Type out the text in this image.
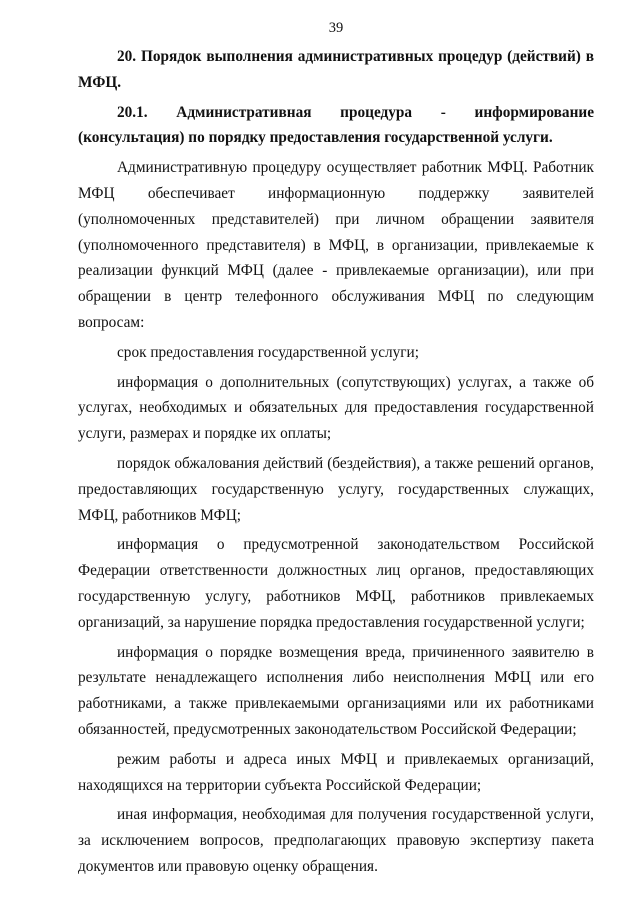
39

20. Порядок выполнения административных процедур (действий) в МФЦ.

20.1. Административная процедура - информирование (консультация) по порядку предоставления государственной услуги.

Административную процедуру осуществляет работник МФЦ. Работник МФЦ обеспечивает информационную поддержку заявителей (уполномоченных представителей) при личном обращении заявителя (уполномоченного представителя) в МФЦ, в организации, привлекаемые к реализации функций МФЦ (далее - привлекаемые организации), или при обращении в центр телефонного обслуживания МФЦ по следующим вопросам:

срок предоставления государственной услуги;

информация о дополнительных (сопутствующих) услугах, а также об услугах, необходимых и обязательных для предоставления государственной услуги, размерах и порядке их оплаты;

порядок обжалования действий (бездействия), а также решений органов, предоставляющих государственную услугу, государственных служащих, МФЦ, работников МФЦ;

информация о предусмотренной законодательством Российской Федерации ответственности должностных лиц органов, предоставляющих государственную услугу, работников МФЦ, работников привлекаемых организаций, за нарушение порядка предоставления государственной услуги;

информация о порядке возмещения вреда, причиненного заявителю в результате ненадлежащего исполнения либо неисполнения МФЦ или его работниками, а также привлекаемыми организациями или их работниками обязанностей, предусмотренных законодательством Российской Федерации;

режим работы и адреса иных МФЦ и привлекаемых организаций, находящихся на территории субъекта Российской Федерации;

иная информация, необходимая для получения государственной услуги, за исключением вопросов, предполагающих правовую экспертизу пакета документов или правовую оценку обращения.
